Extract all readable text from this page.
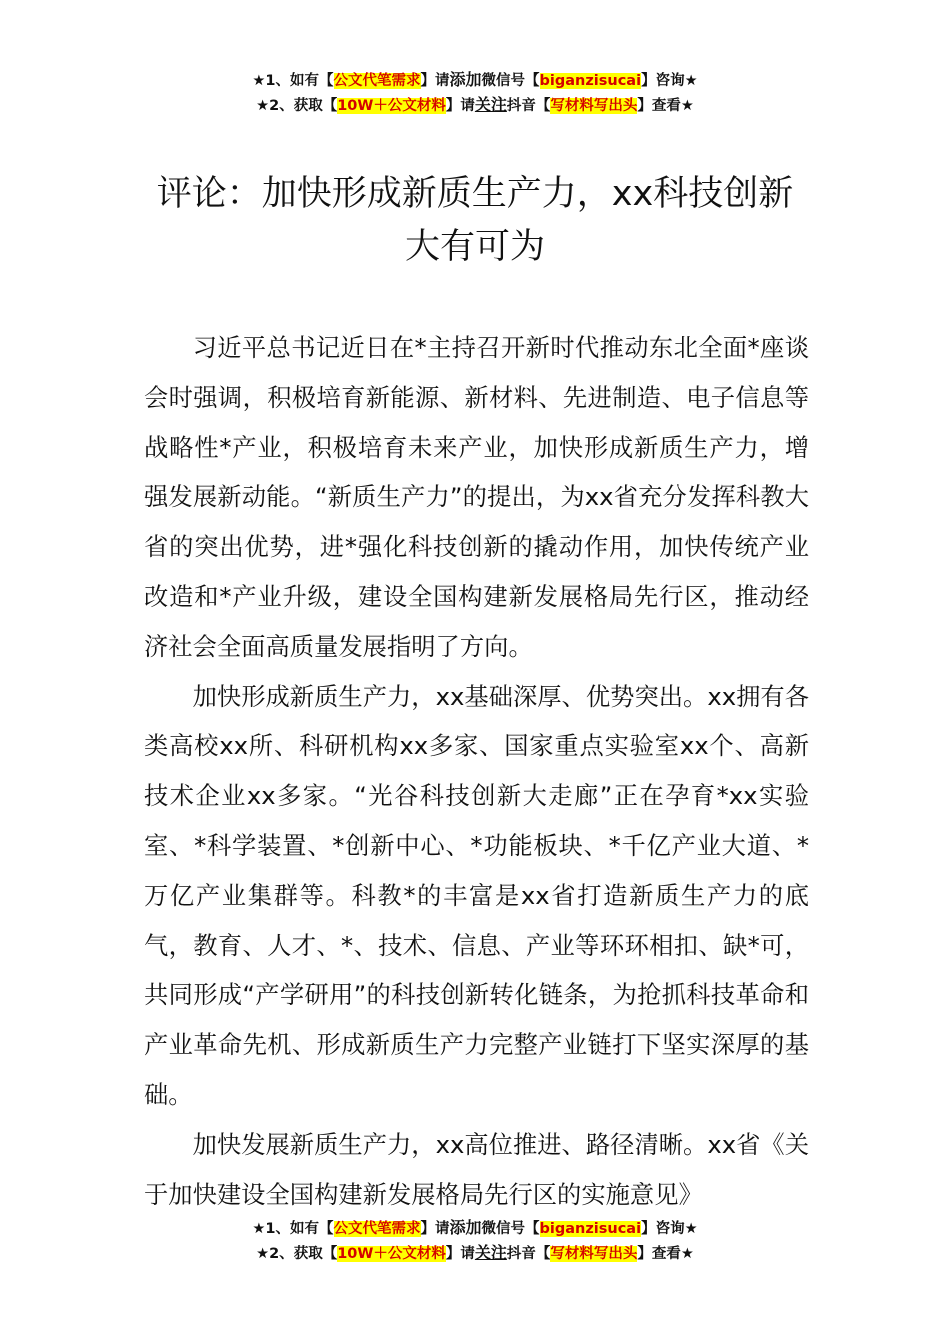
★1、如有【公文代笔需求】请添加微信号【biganzisucai】咨询★
★2、获取【10W＋公文材料】请关注抖音【写材料写出头】查看★
评论：加快形成新质生产力，xx科技创新大有可为

习近平总书记近日在*主持召开新时代推动东北全面*座谈会时强调，积极培育新能源、新材料、先进制造、电子信息等战略性*产业，积极培育未来产业，加快形成新质生产力，增强发展新动能。“新质生产力”的提出，为xx省充分发挥科教大省的突出优势，进*强化科技创新的撬动作用，加快传统产业改造和*产业升级，建设全国构建新发展格局先行区，推动经济社会全面高质量发展指明了方向。

加快形成新质生产力，xx基础深厚、优势突出。xx拥有各类高校xx所、科研机构xx多家、国家重点实验室xx个、高新技术企业xx多家。“光谷科技创新大走廊”正在孕育*xx实验室、*科学装置、*创新中心、*功能板块、*千亿产业大道、*万亿产业集群等。科教*的丰富是xx省打造新质生产力的底气，教育、人才、*、技术、信息、产业等环环相扣、缺*可，共同形成“产学研用”的科技创新转化链条，为抢抓科技革命和产业革命先机、形成新质生产力完整产业链打下坚实深厚的基础。

加快发展新质生产力，xx高位推进、路径清晰。xx省《关于加快建设全国构建新发展格局先行区的实施意见》

★1、如有【公文代笔需求】请添加微信号【biganzisucai】咨询★
★2、获取【10W＋公文材料】请关注抖音【写材料写出头】查看★
